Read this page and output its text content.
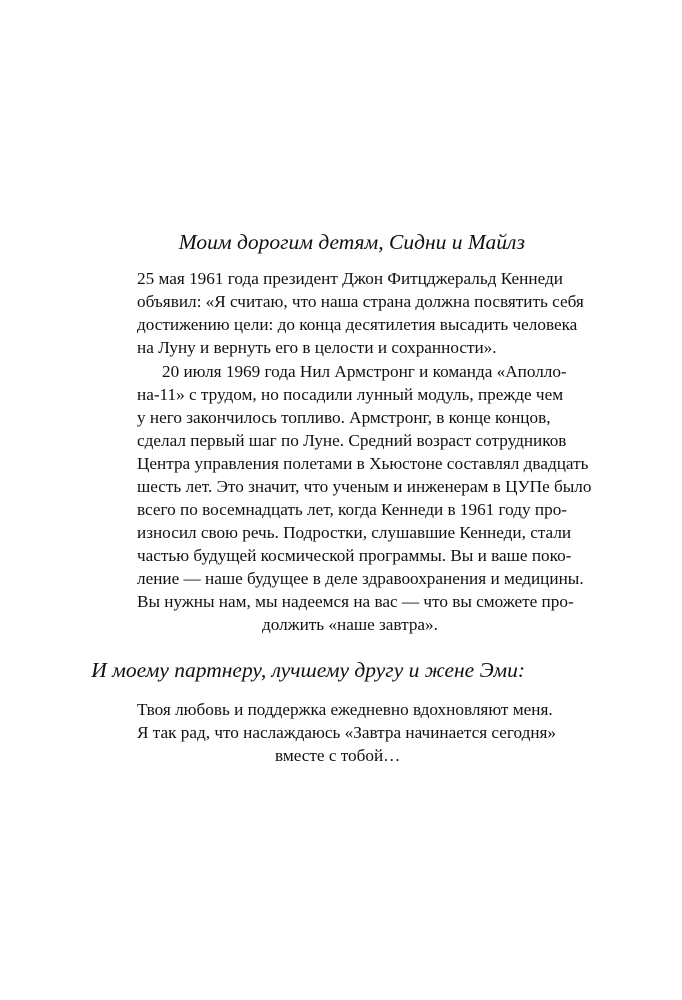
Моим дорогим детям, Сидни и Майлз
25 мая 1961 года президент Джон Фитцджеральд Кеннеди
объявил: «Я считаю, что наша страна должна посвятить себя
достижению цели: до конца десятилетия высадить человека
на Луну и вернуть его в целости и сохранности».
20 июля 1969 года Нил Армстронг и команда «Аполло-
на-11» с трудом, но посадили лунный модуль, прежде чем
у него закончилось топливо. Армстронг, в конце концов,
сделал первый шаг по Луне. Средний возраст сотрудников
Центра управления полетами в Хьюстоне составлял двадцать
шесть лет. Это значит, что ученым и инженерам в ЦУПе было
всего по восемнадцать лет, когда Кеннеди в 1961 году про-
износил свою речь. Подростки, слушавшие Кеннеди, стали
частью будущей космической программы. Вы и ваше поко-
ление — наше будущее в деле здравоохранения и медицины.
Вы нужны нам, мы надеемся на вас — что вы сможете про-
должить «наше завтра».
И моему партнеру, лучшему другу и жене Эми:
Твоя любовь и поддержка ежедневно вдохновляют меня.
Я так рад, что наслаждаюсь «Завтра начинается сегодня»
вместе с тобой…
